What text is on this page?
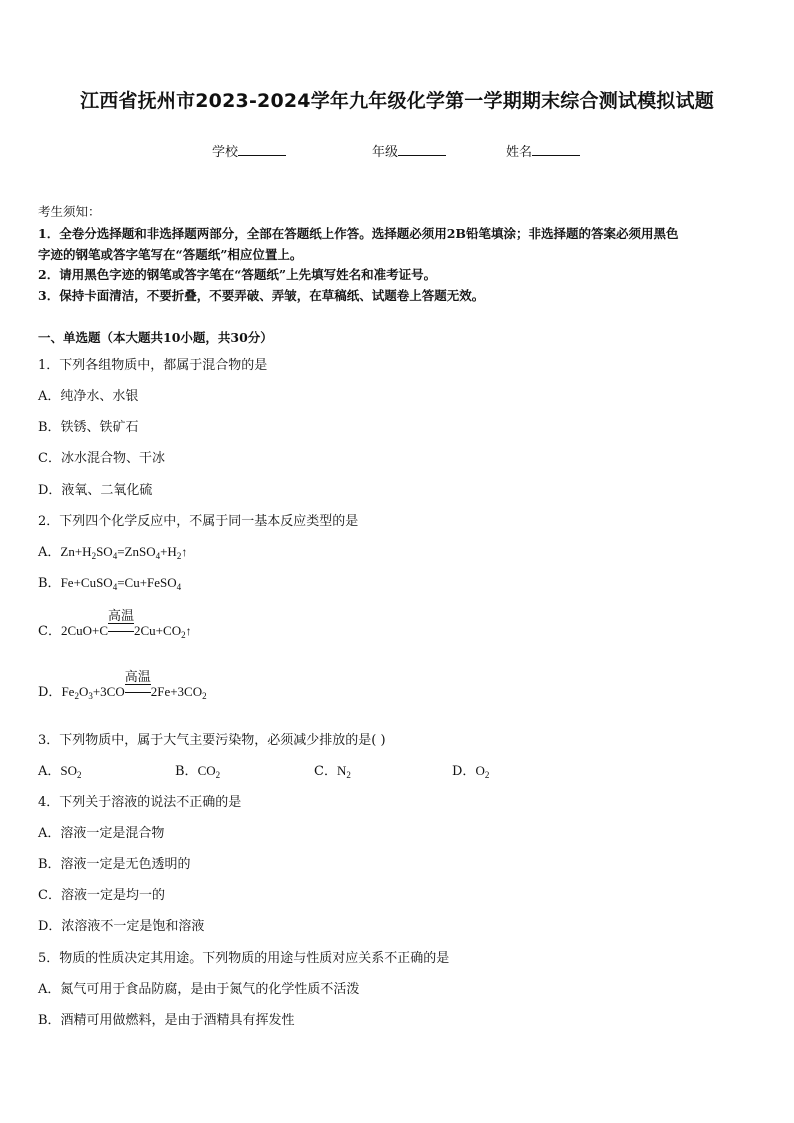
江西省抚州市2023-2024学年九年级化学第一学期期末综合测试模拟试题
学校	年级	姓名
考生须知：
1．全卷分选择题和非选择题两部分，全部在答题纸上作答。选择题必须用2B铅笔填涂；非选择题的答案必须用黑色
字迹的钢笔或答字笔写在“答题纸”相应位置上。
2．请用黑色字迹的钢笔或答字笔在“答题纸”上先填写姓名和准考证号。
3．保持卡面清洁，不要折叠，不要弄破、弄皱，在草稿纸、试题卷上答题无效。
一、单选题（本大题共10小题，共30分）
1．下列各组物质中，都属于混合物的是
A．纯净水、水银
B．铁锈、铁矿石
C．冰水混合物、干冰
D．液氧、二氧化硫
2．下列四个化学反应中，不属于同一基本反应类型的是
A．$Zn+H_2SO_4=ZnSO_4+H_2↑$
B．Fe+CuSO$_4$=Cu+FeSO$_4$
C．2CuO+C
高温
$2Cu+CO_2↑$
D．$Fe_2O_3+3CO$
高温
$2Fe+3CO_2$
3．下列物质中，属于大气主要污染物，必须减少排放的是( )
A．$SO_2$	B．$CO_2$	C．$N_2$	D．$O_2$
4．下列关于溶液的说法不正确的是
A．溶液一定是混合物
B．溶液一定是无色透明的
C．溶液一定是均一的
D．浓溶液不一定是饱和溶液
5．物质的性质决定其用途。下列物质的用途与性质对应关系不正确的是
A．氮气可用于食品防腐，是由于氮气的化学性质不活泼
B．酒精可用做燃料，是由于酒精具有挥发性
